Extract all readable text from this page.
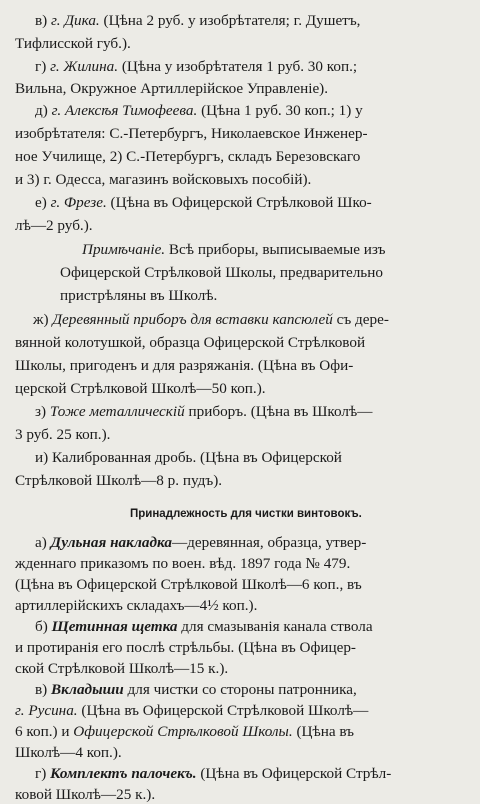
в) г. Дика. (Цѣна 2 руб. у изобрѣтателя; г. Душетъ,
Тифлисской губ.).
г) г. Жилина. (Цѣна у изобрѣтателя 1 руб. 30 коп.;
Вильна, Окружное Артиллерійское Управленіе).
д) г. Алексѣя Тимофеева. (Цѣна 1 руб. 30 коп.; 1) у
изобрѣтателя: С.-Петербургъ, Николаевское Инженер-
ное Училище, 2) С.-Петербургъ, складъ Березовскаго
и 3) г. Одесса, магазинъ войсковыхъ пособій).
е) г. Фрезе. (Цѣна въ Офицерской Стрѣлковой Шко-
лѣ—2 руб.).
Примѣчаніе. Всѣ приборы, выписываемые изъ
Офицерской Стрѣлковой Школы, предварительно
пристрѣляны въ Школѣ.
ж) Деревянный приборъ для вставки капсюлей съ дере-
вянной колотушкой, образца Офицерской Стрѣлковой
Школы, пригоденъ и для разряжанія. (Цѣна въ Офи-
церской Стрѣлковой Школѣ—50 коп.).
з) Тоже металлическій приборъ. (Цѣна въ Школѣ—
3 руб. 25 коп.).
и) Калиброванная дробь. (Цѣна въ Офицерской
Стрѣлковой Школѣ—8 р. пудъ).
Принадлежность для чистки винтовокъ.
а) Дульная накладка—деревянная, образца, утвер-
жденнаго приказомъ по воен. вѣд. 1897 года № 479.
(Цѣна въ Офицерской Стрѣлковой Школѣ—6 коп., въ
артиллерійскихъ складахъ—4½ коп.).
б) Щетинная щетка для смазыванія канала ствола
и протиранія его послѣ стрѣльбы. (Цѣна въ Офицер-
ской Стрѣлковой Школѣ—15 к.).
в) Вкладыши для чистки со стороны патронника,
г. Русина. (Цѣна въ Офицерской Стрѣлковой Школѣ—
6 коп.) и Офицерской Стрѣлковой Школы. (Цѣна въ
Школѣ—4 коп.).
г) Комплектъ палочекъ. (Цѣна въ Офицерской Стрѣл-
ковой Школѣ—25 к.).
